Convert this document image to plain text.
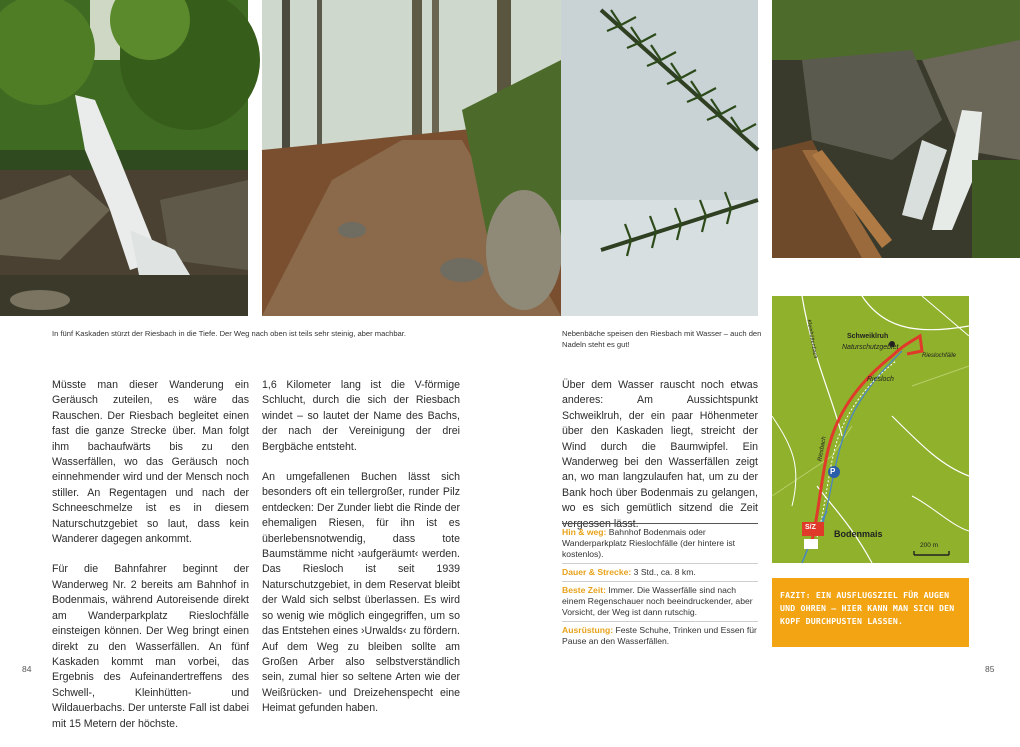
In fünf Kaskaden stürzt der Riesbach in die Tiefe. Der Weg nach oben ist teils sehr steinig, aber machbar.	Nebenbäche speisen den Riesbach mit Wasser – auch den Nadeln steht es gut!

Müsste man dieser Wanderung ein Geräusch zuteilen, es wäre das Rauschen. Der Riesbach begleitet einen fast die ganze Strecke über. Man folgt ihm bachaufwärts bis zu den Wasserfällen, wo das Geräusch noch einnehmender wird und der Mensch noch stiller. An Regentagen und nach der Schneeschmelze ist es in diesem Naturschutzgebiet so laut, dass kein Wanderer dagegen ankommt.

Für die Bahnfahrer beginnt der Wanderweg Nr. 2 bereits am Bahnhof in Bodenmais, während Autoreisende direkt am Wanderparkplatz Rieslochfälle einsteigen können. Der Weg bringt einen direkt zu den Wasserfällen. An fünf Kaskaden kommt man vorbei, das Ergebnis des Aufeinandertreffens des Schwell-, Kleinhütten- und Wildauerbachs. Der unterste Fall ist dabei mit 15 Metern der höchste.

1,6 Kilometer lang ist die V-förmige Schlucht, durch die sich der Riesbach windet – so lautet der Name des Bachs, der nach der Vereinigung der drei Bergbäche entsteht.

An umgefallenen Buchen lässt sich besonders oft ein tellergroßer, runder Pilz entdecken: Der Zunder liebt die Rinde der ehemaligen Riesen, für ihn ist es überlebensnotwendig, dass tote Baumstämme nicht ›aufgeräumt‹ werden. Das Riesloch ist seit 1939 Naturschutzgebiet, in dem Reservat bleibt der Wald sich selbst überlassen. Es wird so wenig wie möglich eingegriffen, um so das Entstehen eines ›Urwalds‹ zu fördern. Auf dem Weg zu bleiben sollte am Großen Arber also selbstverständlich sein, zumal hier so seltene Arten wie der Weißrücken- und Dreizehenspecht eine Heimat gefunden haben.

Über dem Wasser rauscht noch etwas anderes: Am Aussichtspunkt Schweiklruh, der ein paar Höhenmeter über den Kaskaden liegt, streicht der Wind durch die Baumwipfel. Ein Wanderweg bei den Wasserfällen zeigt an, wo man langzulaufen hat, um zu der Bank hoch über Bodenmais zu gelangen, wo es sich gemütlich sitzend die Zeit vergessen lässt.

Hin & weg: Bahnhof Bodenmais oder Wanderparkplatz Rieslochfälle (der hintere ist kostenlos).
Dauer & Strecke: 3 Std., ca. 8 km.
Beste Zeit: Immer. Die Wasserfälle sind nach einem Regenschauer noch beeindruckender, aber Vorsicht, der Weg ist dann rutschig.
Ausrüstung: Feste Schuhe, Trinken und Essen für Pause an den Wasserfällen.
Schweiklruh
Naturschutzgebiet
Rieslochfälle
Riesloch
Riesbach
Kleinhüttenbach
P
S/Z
Bodenmais
200 m
FAZIT: EIN AUSFLUGSZIEL FÜR AUGEN UND OHREN – HIER KANN MAN SICH DEN KOPF DURCHPUSTEN LASSEN.
84	85
